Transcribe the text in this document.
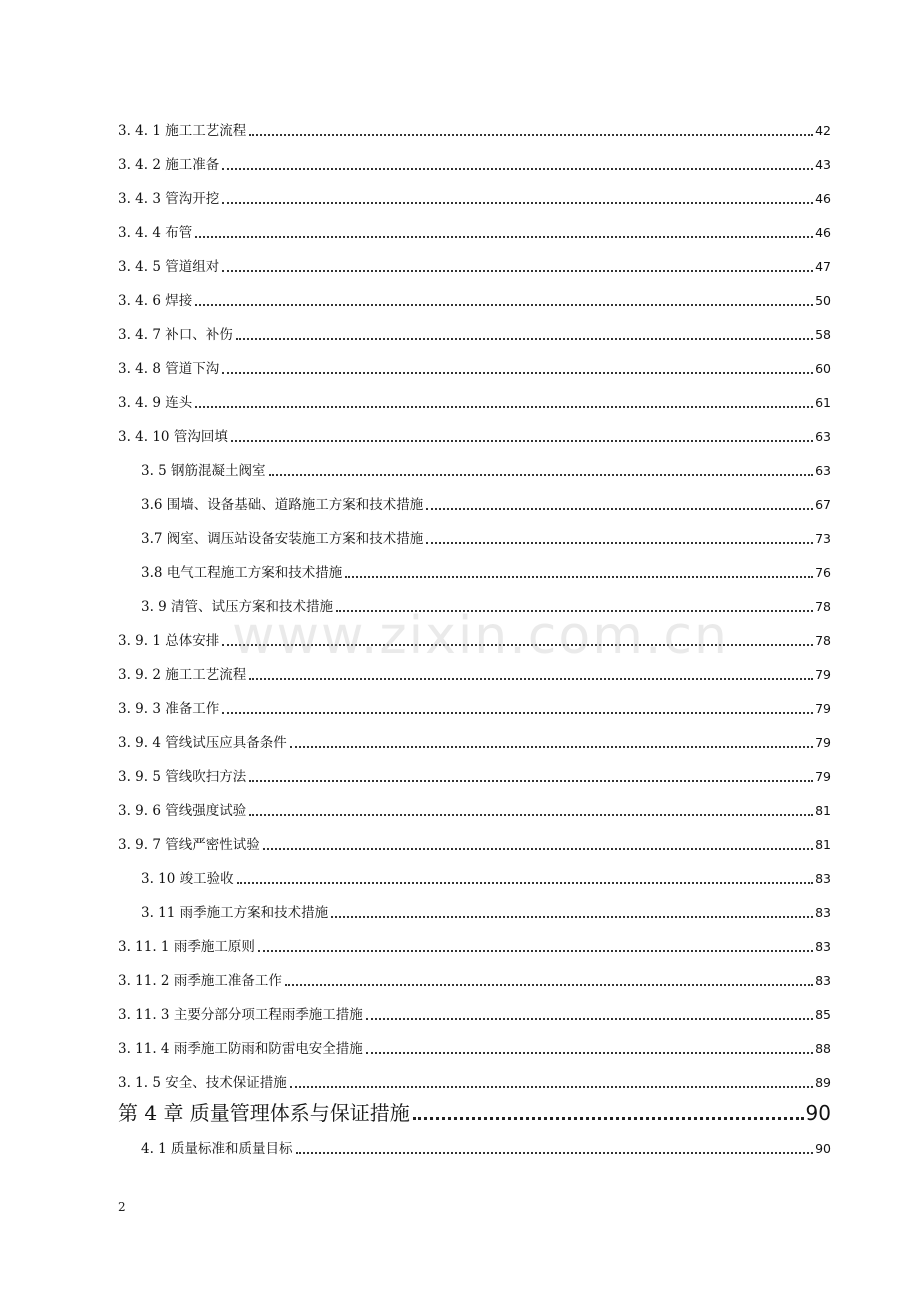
3. 4. 1 施工工艺流程	42
3. 4. 2 施工准备	43
3. 4. 3 管沟开挖	46
3. 4. 4 布管	46
3. 4. 5 管道组对	47
3. 4. 6 焊接	50
3. 4. 7 补口、补伤	58
3. 4. 8 管道下沟	60
3. 4. 9 连头	61
3. 4. 10 管沟回填	63
3. 5 钢筋混凝土阀室	63
3.6 围墙、设备基础、道路施工方案和技术措施	67
3.7 阀室、调压站设备安装施工方案和技术措施	73
3.8 电气工程施工方案和技术措施	76
3. 9 清管、试压方案和技术措施	78
3. 9. 1 总体安排	78
3. 9. 2 施工工艺流程	79
3. 9. 3 准备工作	79
3. 9. 4 管线试压应具备条件	79
3. 9. 5 管线吹扫方法	79
3. 9. 6 管线强度试验	81
3. 9. 7 管线严密性试验	81
3. 10 竣工验收	83
3. 11 雨季施工方案和技术措施	83
3. 11. 1 雨季施工原则	83
3. 11. 2 雨季施工准备工作	83
3. 11. 3 主要分部分项工程雨季施工措施	85
3. 11. 4 雨季施工防雨和防雷电安全措施	88
3. 1. 5 安全、技术保证措施	89
第 4 章 质量管理体系与保证措施	90
4. 1 质量标准和质量目标	90
www.zixin.com.cn
2
